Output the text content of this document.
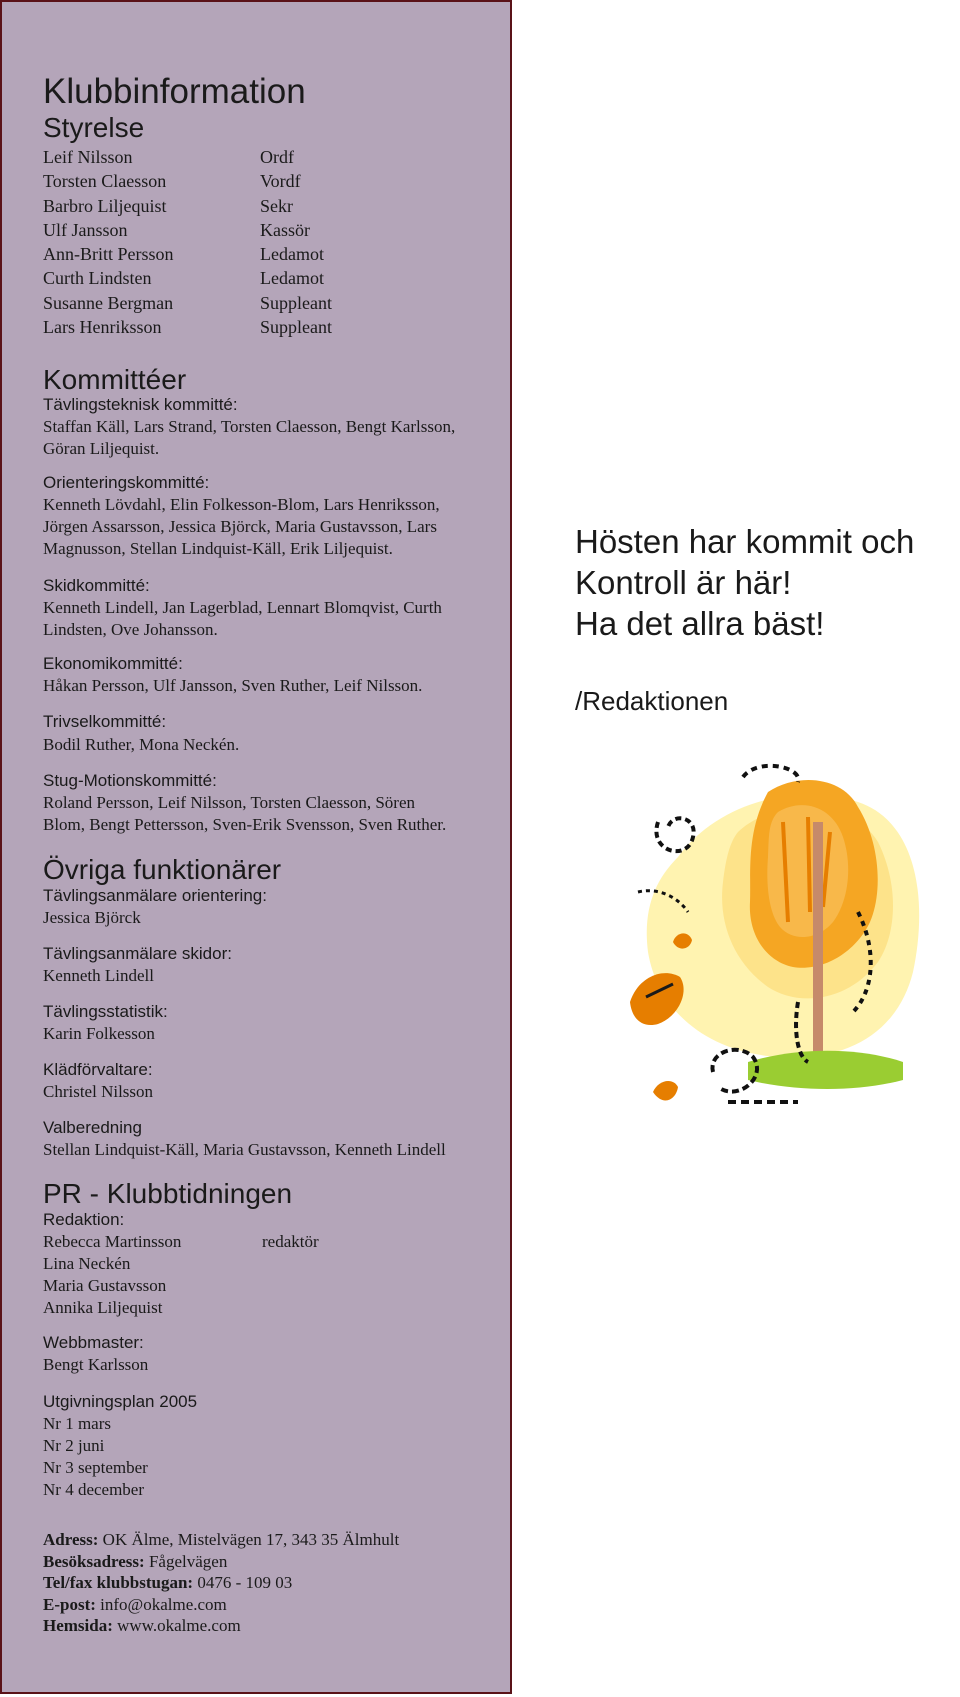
Klubbinformation
Styrelse
Leif Nilsson	Ordf
Torsten Claesson	Vordf
Barbro Liljequist	Sekr
Ulf Jansson	Kassör
Ann-Britt Persson	Ledamot
Curth Lindsten	Ledamot
Susanne Bergman	Suppleant
Lars Henriksson	Suppleant
Kommittéer
Tävlingsteknisk kommitté:
Staffan Käll, Lars Strand, Torsten Claesson, Bengt Karlsson,
Göran Liljequist.
Orienteringskommitté:
Kenneth Lövdahl, Elin Folkesson-Blom, Lars Henriksson,
Jörgen Assarsson, Jessica Björck, Maria Gustavsson, Lars
Magnusson, Stellan Lindquist-Käll, Erik Liljequist.
Skidkommitté:
Kenneth Lindell, Jan Lagerblad, Lennart Blomqvist, Curth
Lindsten, Ove Johansson.
Ekonomikommitté:
Håkan Persson, Ulf Jansson, Sven Ruther, Leif Nilsson.
Trivselkommitté:
Bodil Ruther, Mona Neckén.
Stug-Motionskommitté:
Roland Persson, Leif Nilsson, Torsten Claesson, Sören
Blom, Bengt Pettersson, Sven-Erik Svensson, Sven Ruther.
Övriga funktionärer
Tävlingsanmälare orientering:
Jessica Björck
Tävlingsanmälare skidor:
Kenneth Lindell
Tävlingsstatistik:
Karin Folkesson
Klädförvaltare:
Christel Nilsson
Valberedning
Stellan Lindquist-Käll, Maria Gustavsson, Kenneth Lindell
PR - Klubbtidningen
Redaktion:
Rebecca Martinsson	redaktör
Lina Neckén
Maria Gustavsson
Annika Liljequist
Webbmaster:
Bengt Karlsson
Utgivningsplan 2005
Nr 1 mars
Nr 2 juni
Nr 3 september
Nr 4 december
Adress: OK Älme, Mistelvägen 17, 343 35 Älmhult
Besöksadress: Fågelvägen
Tel/fax klubbstugan: 0476 - 109 03
E-post: info@okalme.com
Hemsida: www.okalme.com
Hösten har kommit och
Kontroll är här!
Ha det allra bäst!
/Redaktionen
